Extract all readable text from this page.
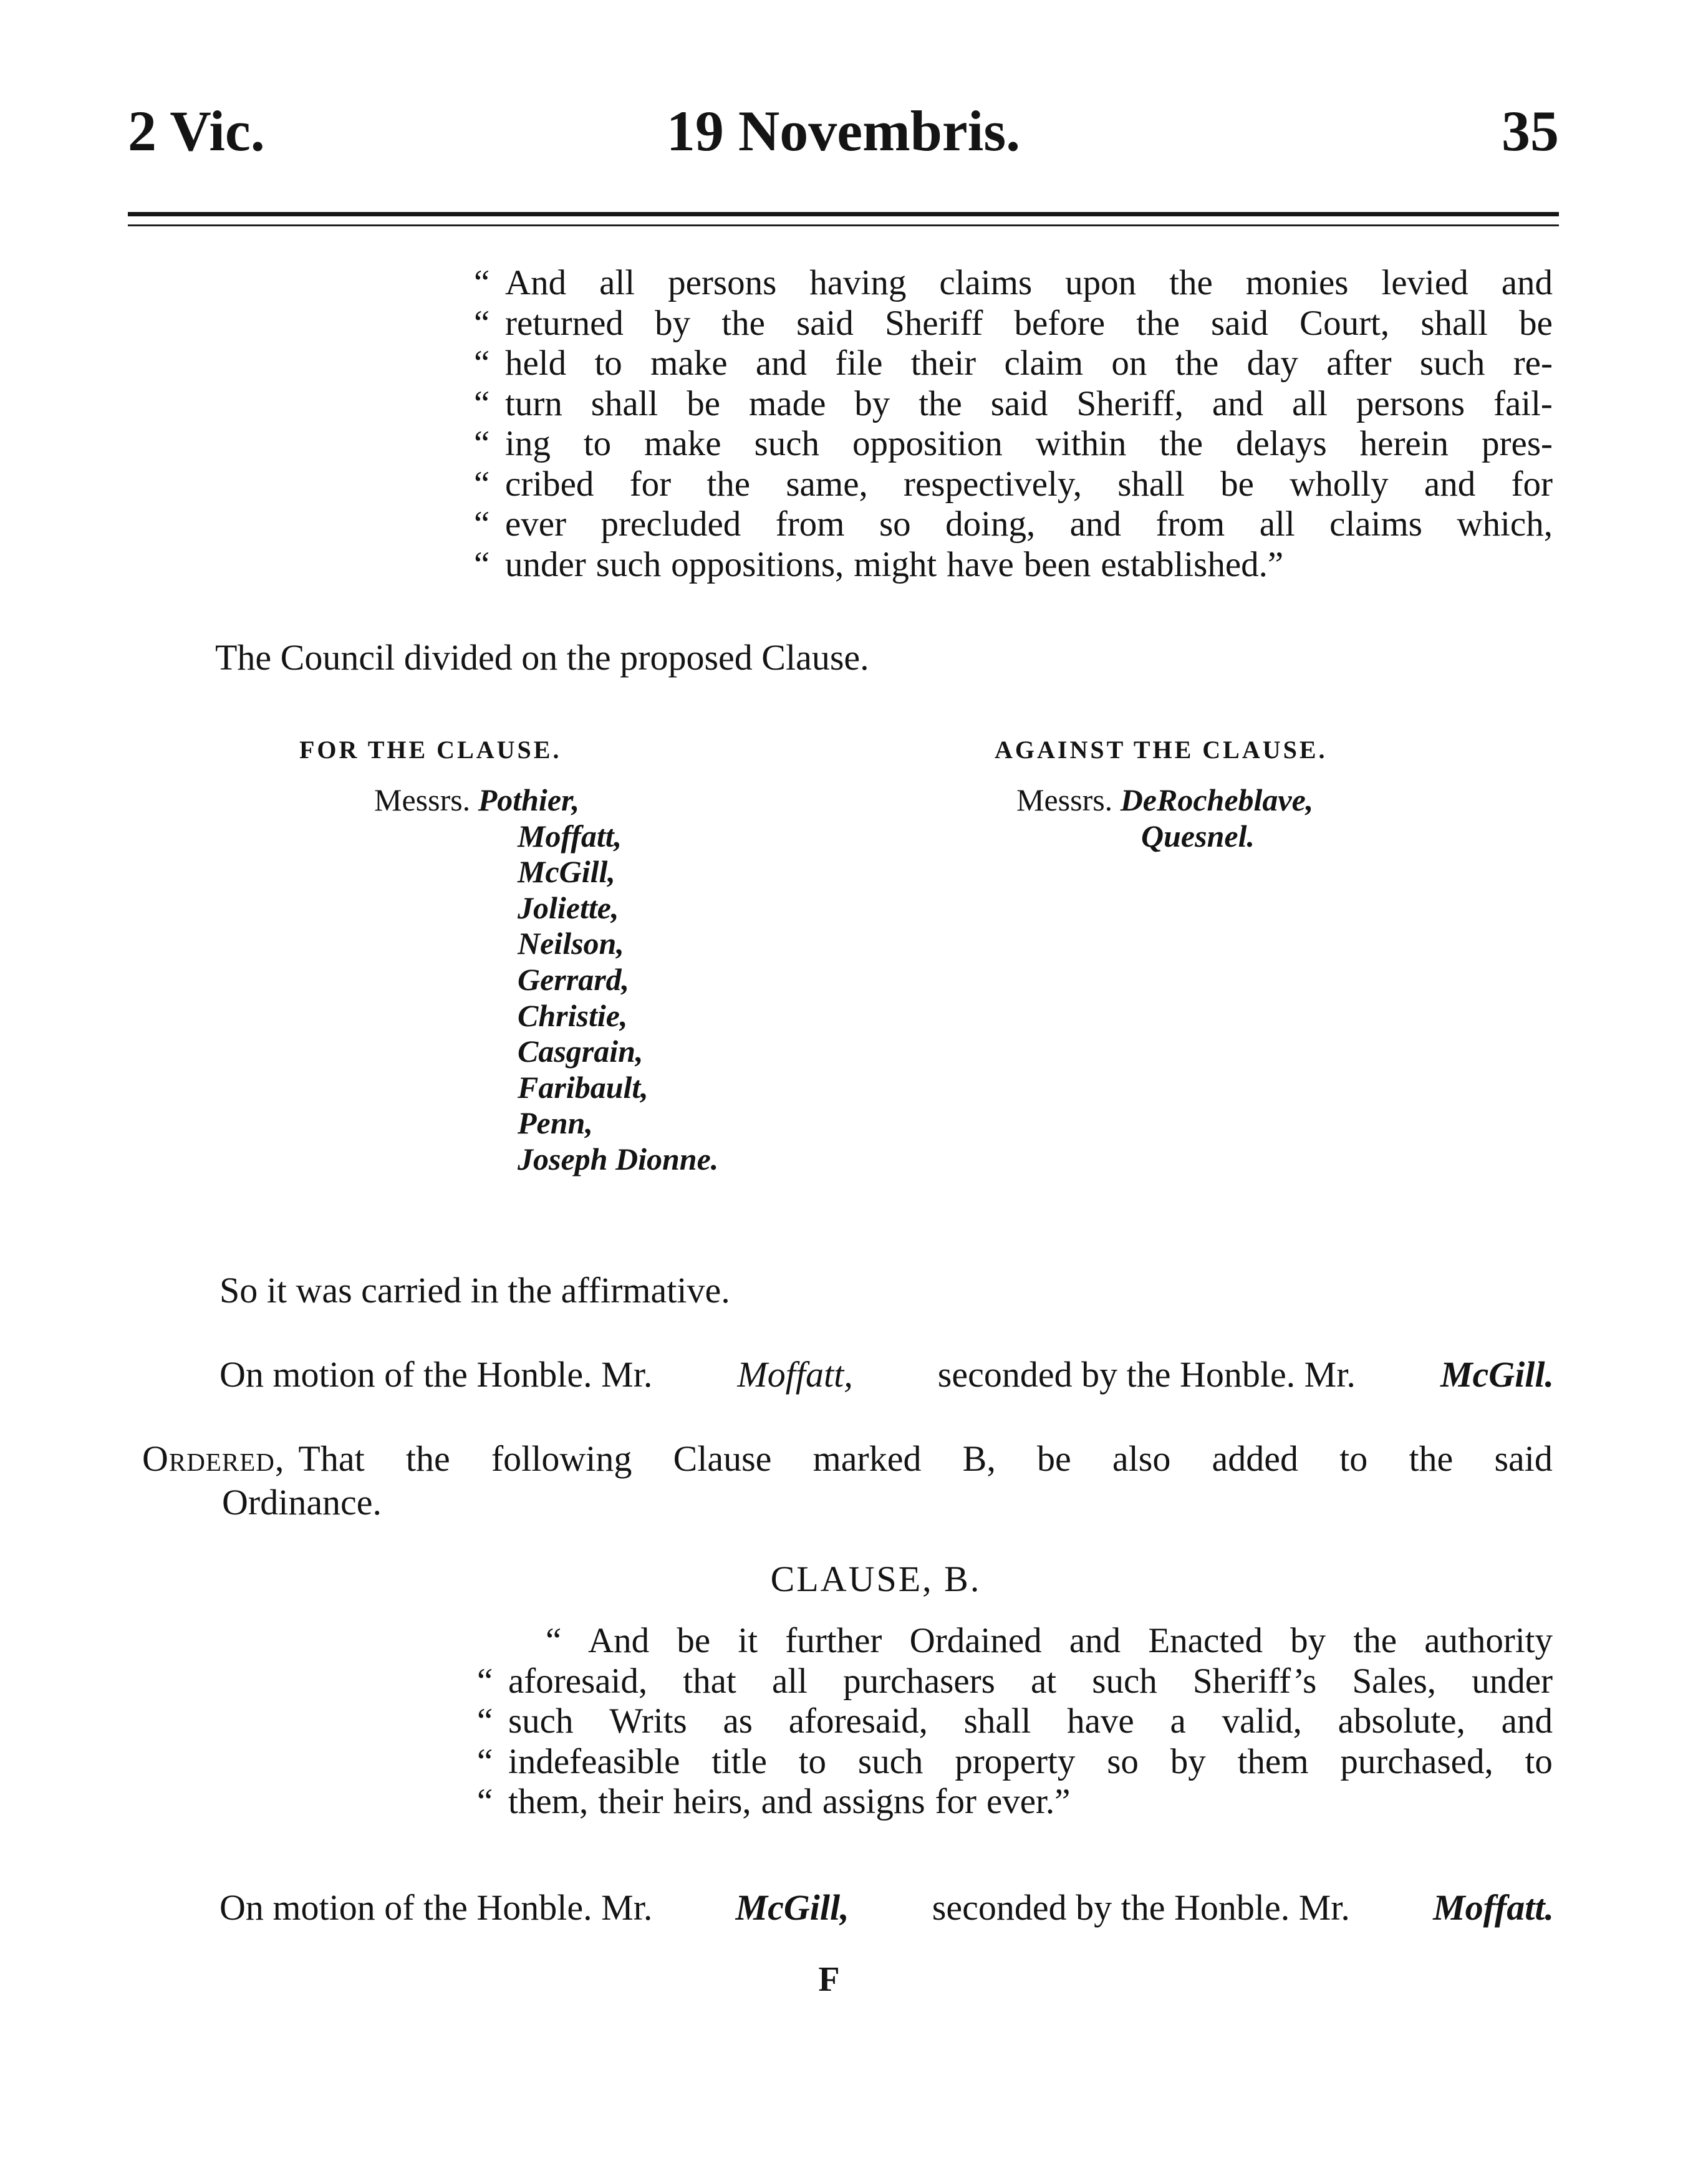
19 Novembris.
2 Vic.	35
“ And all persons having claims upon the monies levied and
“ returned by the said Sheriff before the said Court, shall be
“ held to make and file their claim on the day after such re-
“ turn shall be made by the said Sheriff, and all persons fail-
“ ing to make such opposition within the delays herein pres-
“ cribed for the same, respectively, shall be wholly and for
“ ever precluded from so doing, and from all claims which,
“ under such oppositions, might have been established.”
The Council divided on the proposed Clause.
FOR THE CLAUSE.	AGAINST THE CLAUSE.
Messrs. Pothier,
Moffatt,
McGill,
Joliette,
Neilson,
Gerrard,
Christie,
Casgrain,
Faribault,
Penn,
Joseph Dionne.
Messrs. DeRocheblave,
Quesnel.
So it was carried in the affirmative.
On motion of the Honble. Mr. Moffatt, seconded by the Honble. Mr. McGill.
Ordered, That the following Clause marked B, be also added to the said
Ordinance.
CLAUSE, B.
“ And be it further Ordained and Enacted by the authority
“ aforesaid, that all purchasers at such Sheriff’s Sales, under
“ such Writs as aforesaid, shall have a valid, absolute, and
“ indefeasible title to such property so by them purchased, to
“ them, their heirs, and assigns for ever.”
On motion of the Honble. Mr. McGill, seconded by the Honble. Mr. Moffatt.
F
